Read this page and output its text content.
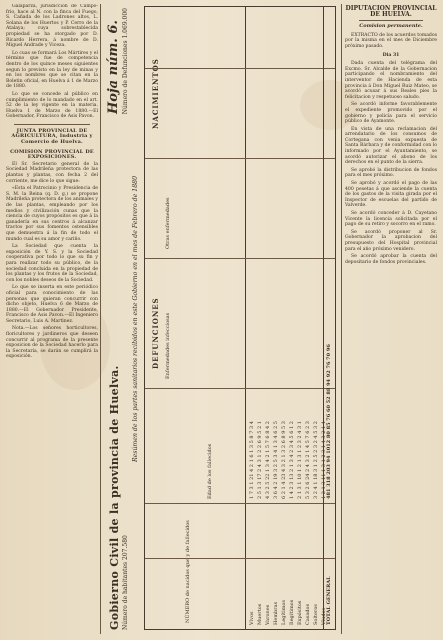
Galaparza, jurisdiccion de Campo-frio, hace al N. con la finca del Fuego, S. Cañada de los Ladrones altos, L. Solana de los Huertos y P. Cerro de la Atalaya; cuya sobrestablecida propiedad se ha otorgado por D. Ricardo Herrera, á nombre de D. Miguel Andrade y Viceza.

Lo cuas se formará Los Mártires y el término que fue de competencia dentro de los quince meses siguientes segun lo previsto en la ley de minas y en los nombres que se citan en la Boletin oficial, en Huelva á 1 de Marzo de 1880.

Lo que se concede al público en cumplimiento de lo mandado en el art. 52 de la ley vigente en la materia. Huelva 1 de Marzo de 1880.—El Gobernador, Francisco de Asis Pavon.

JUNTA PROVINCIAL DE AGRICULTURA, Industria y Comercio de Huelva.
COMISION PROVINCIAL DE EXPOSICIONES.

El Sr. Secretario general de la Sociedad Madrileña protectora de las plantas y plantas, con fecha 2 del corriente, me dice lo que sigue:

«Esta el Patrocinio y Presidencia de S. M. la Reina (q. D. g.) se propone Madrileña protectora de los animales y de las plantas, empleando por los medios y civilización cunas que la ciencia de cuyos propósitos es que á la ganadería en sus centros á alcanzar tractos por sus fomentos ostensibles que demuestra á la fin de todo el mundo cual es su amor y cariño.

La Sociedad que cuenta la exposición de Y. S. y la Sociedad cooperativa por todo lo que su fin y para realizar todo su público, de la sociedad concluida en la propiedad de los plantas y los frutos de la Sociedad, con los nobles deseos de la Sociedad.

Lo que se inserta en este periódico oficial para conocimiento de las personas que quieran concurrir con dicho objeto, Huelva 6 de Marzo de 1880.—El Gobernador Presidente, Francisco de Asis Pavon.—El Ingeniero Secretario, Luis A. Martinez.

Nota.—Los señores horticultores, floricultores y jardineros que deseen concurrir al programa de la presente exposicion de la Sociedad hacerlo para la Secretaría, se darán se cumplirá la exposición.

Gobierno Civil de la provincia de Huelva.
Hoja núm. 6.
Número de habitantes 207.580
Número de Defunciones 1.069.000
Resúmen de los partes sanitarios recibidos en este Gobierno en el mes de Febrero de 1880
NÚMERO de nacidos que y de fallecidos
Edad de los fallecidos
DEFUNCIONES Enfermedades infecciosas
Otras enfermedades
NACIMIENTOS
Vivos
1 7 3 1 21 4 2 1 6 1 3 5 8 7 3 4
Muertos
2 5 1 3 17 2 4 3 1 2 2 6 9 5 2 1
Varones
4 3 2 5 22 1 3 4 2 1 5 7 6 8 4 2
Hembras
3 6 4 2 19 3 2 5 3 4 1 3 4 6 2 5
Legítimos
6 2 1 4 23 4 3 2 1 3 2 6 8 9 5 3
Ilegítimos
1 4 2 3 13 2 1 3 4 2 3 4 5 6 1 2
Expósitos
2 1 3 1 10 1 2 1 3 1 2 3 2 4 3 1
Casados
5 3 2 6 24 2 4 3 2 1 4 5 7 6 2 3
Solteros
3 2 4 1 18 3 1 2 5 2 3 2 4 5 3 2
Viudos
1 2 1 3 11 1 3 1 2 3 1 4 3 2 1 4
TOTAL GENERAL
481 318 203 94 1012 80 85 76 60 52 88 94 92 76 70 96
DIPUTACION PROVINCIAL DE HUELVA.
Comision permanente.

EXTRACTO de los acuerdos tomados por la misma en el mes de Diciembre próximo pasado.

Dia 31

Dada cuenta del telégrama del Excmo. Sr. Alcalde de la Gobernacion participando el nombramiento del interventor de Hacienda de esta provincia á Don Miguel Ruiz Mateo, se acordó acusar á sus Reales pies la felicitacion y respetuoso saludo.

Se acordó informe favorablemente el expediente promovido por el gobierno y policía para el servicio público de Ayamonte.

En vista de una reclamacion del arrendatario de los consumos de Cortegana con venia expuesta de Santa Bárbara y de conformidad con lo informado por el Ayuntamiento, se acordó autorizar el abono de los derechos en el punto de la sierra.

Se aprobó la distribucion de fondos para el mes próximo.

Se aprobó y acordó el pago de las 400 pesetas á que asciende la cuenta de los gastos de la visita girada por el Inspector de escuelas del partido de Valverde.

Se acordó conceder á D. Cayetano Vicente la licencia solicitada por el pago de su retiro y socorro en el ramo.

Se acordó proponer al Sr. Gobernador la aprobacion del presupuesto del Hospital provincial para el año próximo venidero.

Se acordó aprobar la cuenta del depositario de fondos provinciales.
